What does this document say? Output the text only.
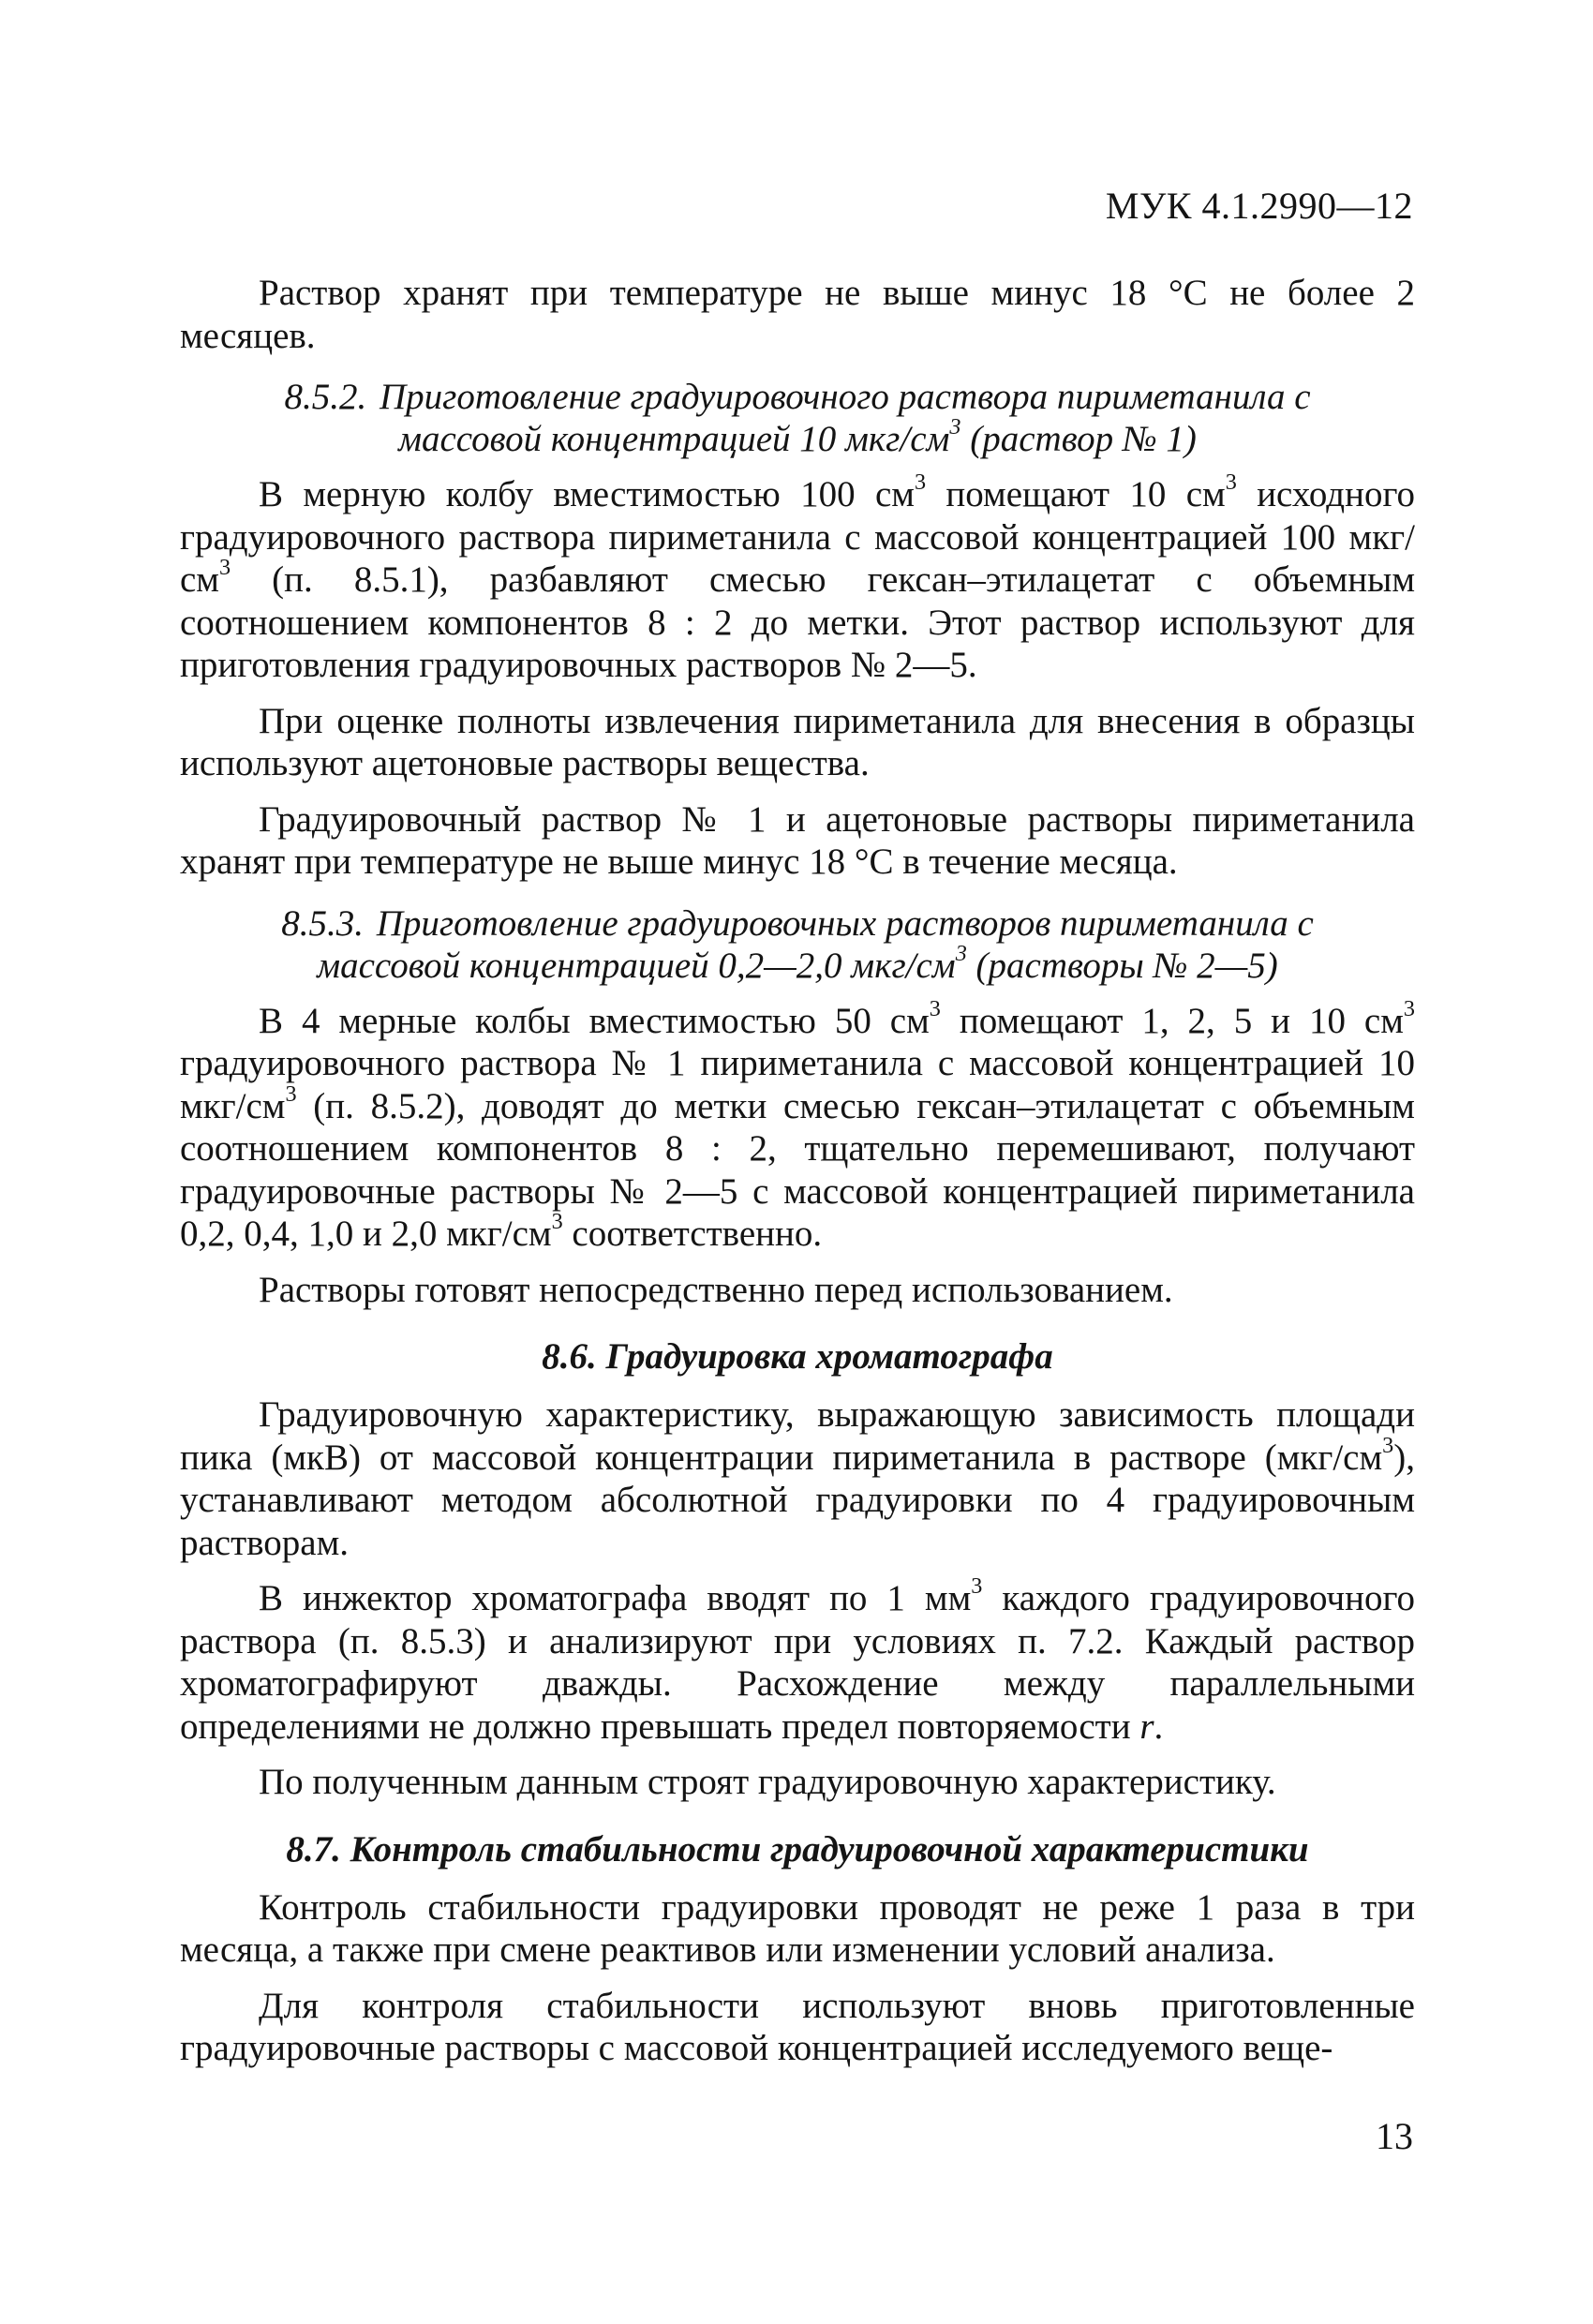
МУК 4.1.2990—12

Раствор хранят при температуре не выше минус 18 °С не более 2 месяцев.

8.5.2. Приготовление градуировочного раствора пириметанила с массовой концентрацией 10 мкг/$см^3$ (раствор № 1)

В мерную колбу вместимостью 100 $см^3$ помещают 10 $см^3$ исходного градуировочного раствора пириметанила с массовой концентрацией 100 мкг/$см^3$ (п. 8.5.1), разбавляют смесью гексан–этилацетат с объемным соотношением компонентов 8 : 2 до метки. Этот раствор используют для приготовления градуировочных растворов № 2—5.

При оценке полноты извлечения пириметанила для внесения в образцы используют ацетоновые растворы вещества.

Градуировочный раствор № 1 и ацетоновые растворы пириметанила хранят при температуре не выше минус 18 °С в течение месяца.

8.5.3. Приготовление градуировочных растворов пириметанила с массовой концентрацией 0,2—2,0 мкг/$см^3$ (растворы № 2—5)

В 4 мерные колбы вместимостью 50 $см^3$ помещают 1, 2, 5 и 10 $см^3$ градуировочного раствора № 1 пириметанила с массовой концентрацией 10 мкг/$см^3$ (п. 8.5.2), доводят до метки смесью гексан–этилацетат с объемным соотношением компонентов 8 : 2, тщательно перемешивают, получают градуировочные растворы № 2—5 с массовой концентрацией пириметанила 0,2, 0,4, 1,0 и 2,0 мкг/$см^3$ соответственно.

Растворы готовят непосредственно перед использованием.

8.6. Градуировка хроматографа

Градуировочную характеристику, выражающую зависимость площади пика (мкВ) от массовой концентрации пириметанила в растворе $(мкг/см^3)$, устанавливают методом абсолютной градуировки по 4 градуировочным растворам.

В инжектор хроматографа вводят по 1 $мм^3$ каждого градуировочного раствора (п. 8.5.3) и анализируют при условиях п. 7.2. Каждый раствор хроматографируют дважды. Расхождение между параллельными определениями не должно превышать предел повторяемости r.

По полученным данным строят градуировочную характеристику.

8.7. Контроль стабильности градуировочной характеристики

Контроль стабильности градуировки проводят не реже 1 раза в три месяца, а также при смене реактивов или изменении условий анализа.

Для контроля стабильности используют вновь приготовленные градуировочные растворы с массовой концентрацией исследуемого веще-

13
